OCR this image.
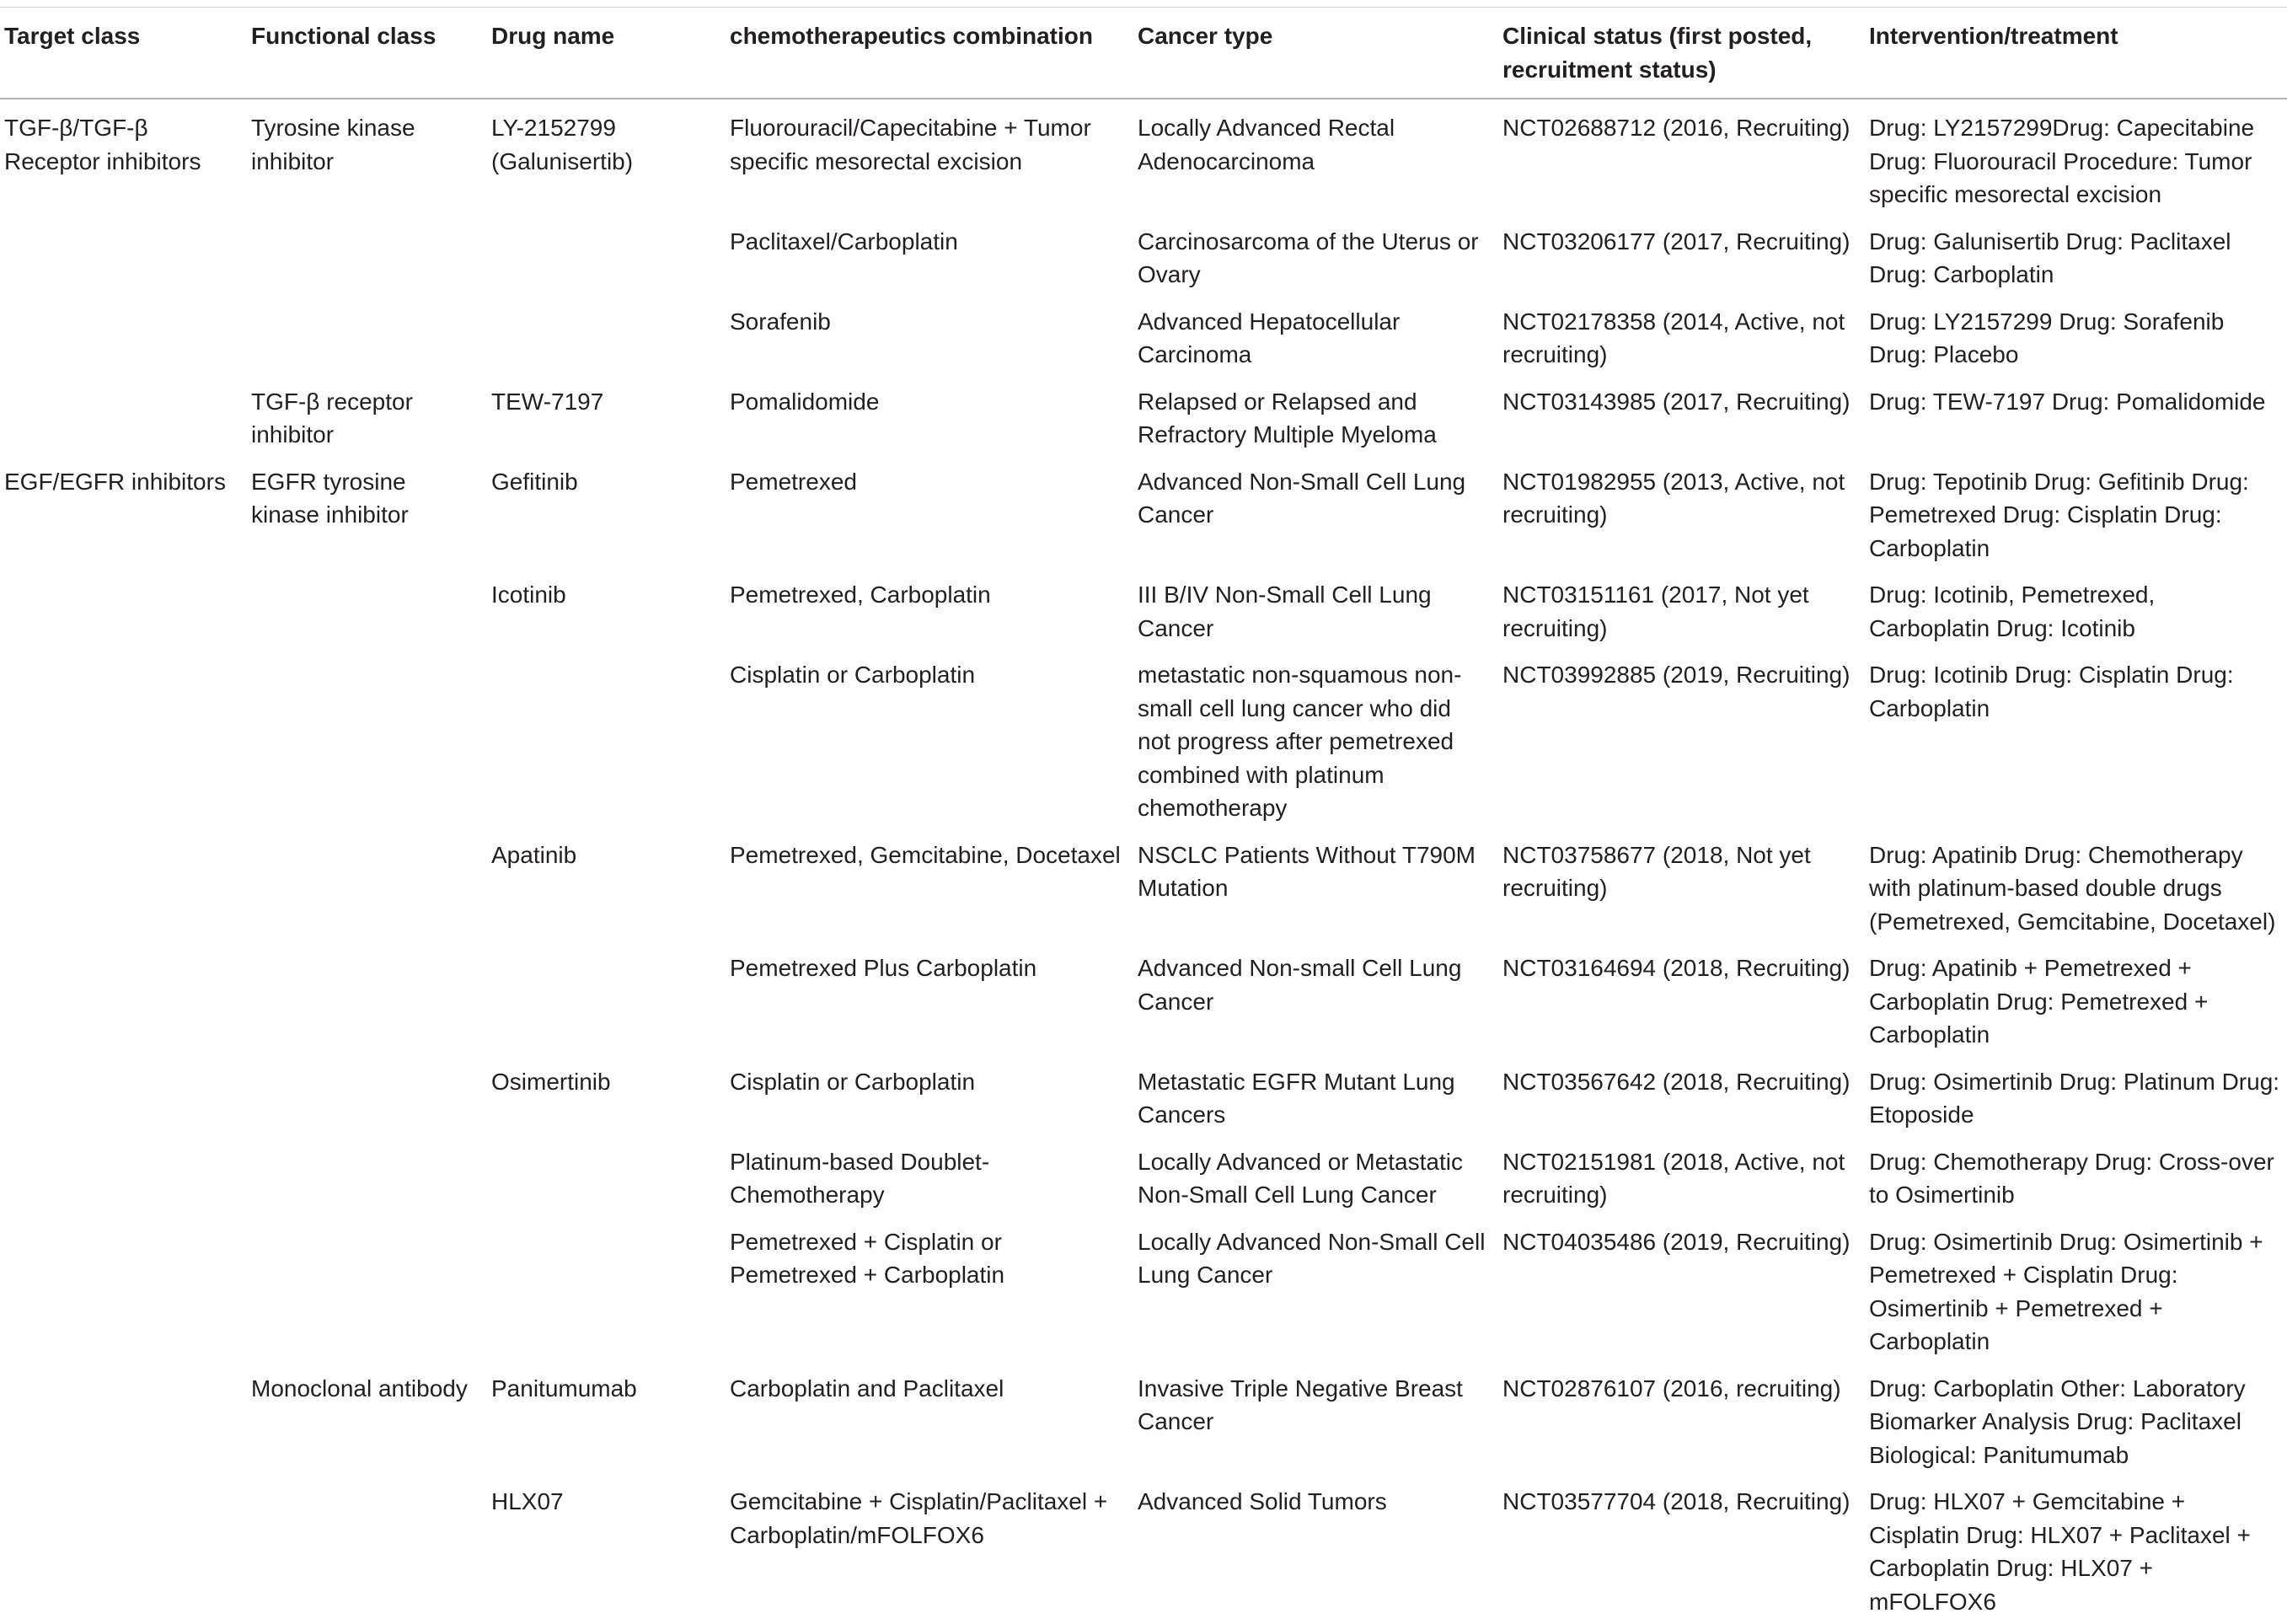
Target class	Functional class	Drug name	chemotherapeutics combination	Cancer type	Clinical status (first posted, recruitment status)	Intervention/treatment
TGF-β/TGF-β Receptor inhibitors	Tyrosine kinase inhibitor	LY-2152799 (Galunisertib)	Fluorouracil/Capecitabine + Tumor specific mesorectal excision	Locally Advanced Rectal Adenocarcinoma	NCT02688712 (2016, Recruiting)	Drug: LY2157299Drug: Capecitabine Drug: Fluorouracil Procedure: Tumor specific mesorectal excision
			Paclitaxel/Carboplatin	Carcinosarcoma of the Uterus or Ovary	NCT03206177 (2017, Recruiting)	Drug: Galunisertib Drug: Paclitaxel Drug: Carboplatin
			Sorafenib	Advanced Hepatocellular Carcinoma	NCT02178358 (2014, Active, not recruiting)	Drug: LY2157299 Drug: Sorafenib Drug: Placebo
	TGF-β receptor inhibitor	TEW-7197	Pomalidomide	Relapsed or Relapsed and Refractory Multiple Myeloma	NCT03143985 (2017, Recruiting)	Drug: TEW-7197 Drug: Pomalidomide
EGF/EGFR inhibitors	EGFR tyrosine kinase inhibitor	Gefitinib	Pemetrexed	Advanced Non-Small Cell Lung Cancer	NCT01982955 (2013, Active, not recruiting)	Drug: Tepotinib Drug: Gefitinib Drug: Pemetrexed Drug: Cisplatin Drug: Carboplatin
		Icotinib	Pemetrexed, Carboplatin	III B/IV Non-Small Cell Lung Cancer	NCT03151161 (2017, Not yet recruiting)	Drug: Icotinib, Pemetrexed, Carboplatin Drug: Icotinib
			Cisplatin or Carboplatin	metastatic non-squamous non-small cell lung cancer who did not progress after pemetrexed combined with platinum chemotherapy	NCT03992885 (2019, Recruiting)	Drug: Icotinib Drug: Cisplatin Drug: Carboplatin
		Apatinib	Pemetrexed, Gemcitabine, Docetaxel	NSCLC Patients Without T790M Mutation	NCT03758677 (2018, Not yet recruiting)	Drug: Apatinib Drug: Chemotherapy with platinum-based double drugs (Pemetrexed, Gemcitabine, Docetaxel)
			Pemetrexed Plus Carboplatin	Advanced Non-small Cell Lung Cancer	NCT03164694 (2018, Recruiting)	Drug: Apatinib + Pemetrexed + Carboplatin Drug: Pemetrexed + Carboplatin
		Osimertinib	Cisplatin or Carboplatin	Metastatic EGFR Mutant Lung Cancers	NCT03567642 (2018, Recruiting)	Drug: Osimertinib Drug: Platinum Drug: Etoposide
			Platinum-based Doublet-Chemotherapy	Locally Advanced or Metastatic Non-Small Cell Lung Cancer	NCT02151981 (2018, Active, not recruiting)	Drug: Chemotherapy Drug: Cross-over to Osimertinib
			Pemetrexed + Cisplatin or Pemetrexed + Carboplatin	Locally Advanced Non-Small Cell Lung Cancer	NCT04035486 (2019, Recruiting)	Drug: Osimertinib Drug: Osimertinib + Pemetrexed + Cisplatin Drug: Osimertinib + Pemetrexed + Carboplatin
	Monoclonal antibody	Panitumumab	Carboplatin and Paclitaxel	Invasive Triple Negative Breast Cancer	NCT02876107 (2016, recruiting)	Drug: Carboplatin Other: Laboratory Biomarker Analysis Drug: Paclitaxel Biological: Panitumumab
		HLX07	Gemcitabine + Cisplatin/Paclitaxel + Carboplatin/mFOLFOX6	Advanced Solid Tumors	NCT03577704 (2018, Recruiting)	Drug: HLX07 + Gemcitabine + Cisplatin Drug: HLX07 + Paclitaxel + Carboplatin Drug: HLX07 + mFOLFOX6
